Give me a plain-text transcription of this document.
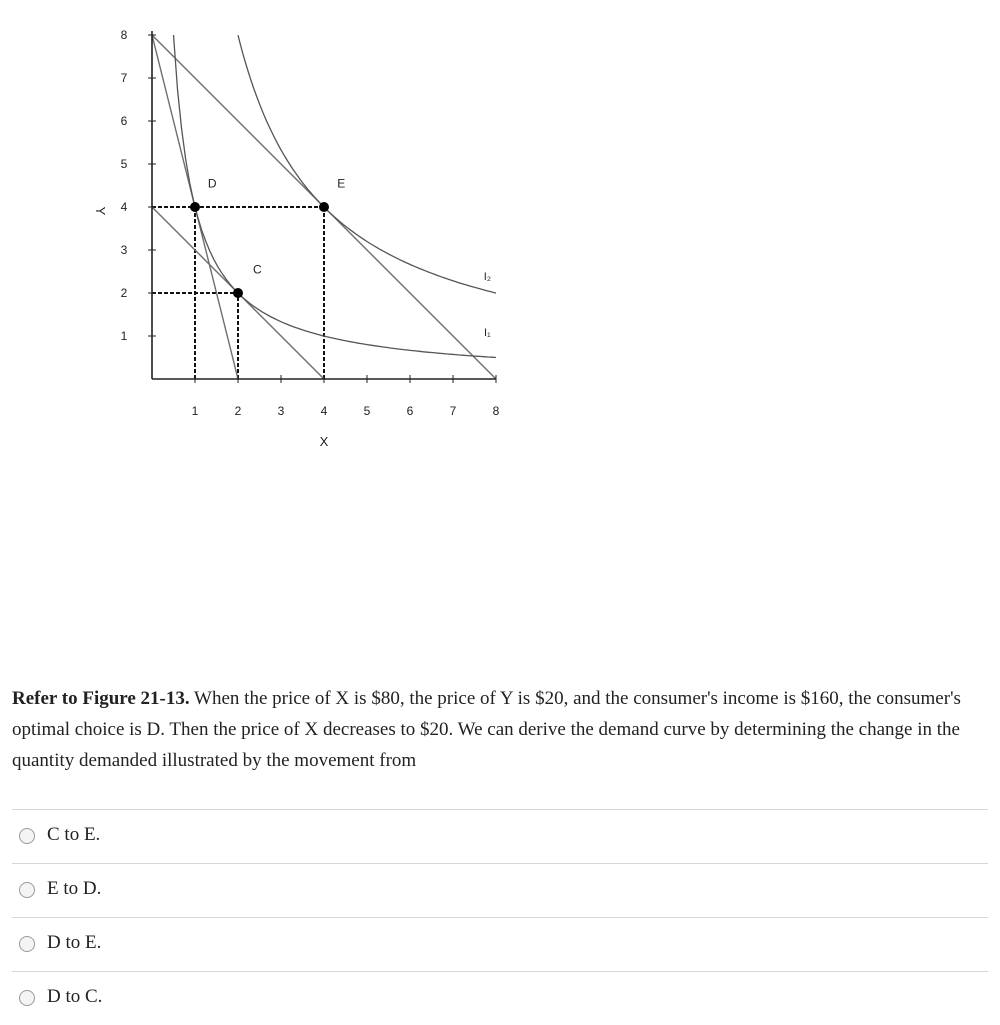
1	2	3	4	5	6	7	8
1
2
3
4
5
6
7
8
X
Y
D	E
C
I₂
I₁

Refer to Figure 21-13. When the price of X is $80, the price of Y is $20, and the consumer's income is $160, the consumer's optimal choice is D. Then the price of X decreases to $20. We can derive the demand curve by determining the change in the quantity demanded illustrated by the movement from

C to E.
E to D.
D to E.
D to C.
